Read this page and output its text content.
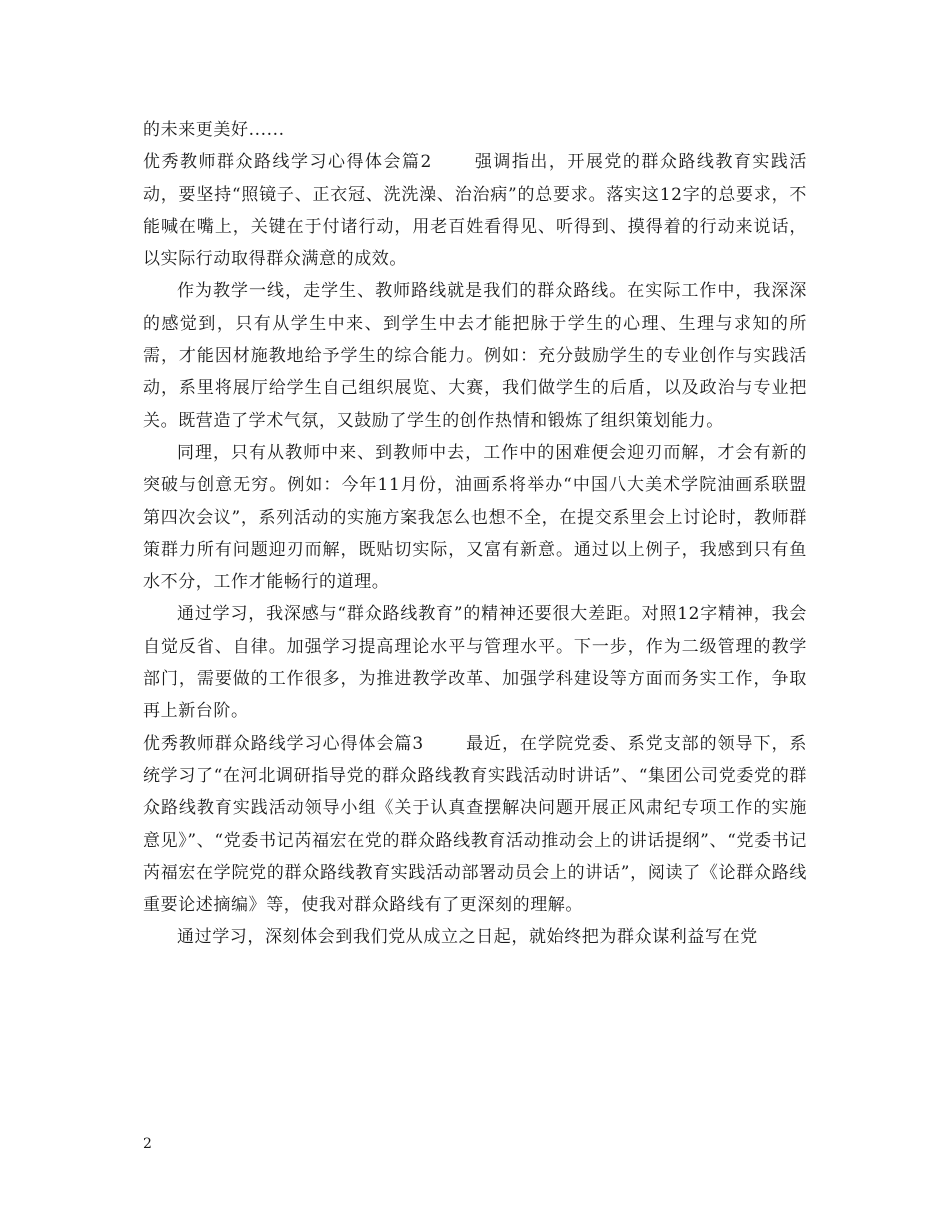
的未来更美好......

优秀教师群众路线学习心得体会篇2 强调指出，开展党的群众路线教育实践活动，要坚持“照镜子、正衣冠、洗洗澡、治治病”的总要求。落实这12字的总要求，不能喊在嘴上，关键在于付诸行动，用老百姓看得见、听得到、摸得着的行动来说话，以实际行动取得群众满意的成效。

作为教学一线，走学生、教师路线就是我们的群众路线。在实际工作中，我深深的感觉到，只有从学生中来、到学生中去才能把脉于学生的心理、生理与求知的所需，才能因材施教地给予学生的综合能力。例如：充分鼓励学生的专业创作与实践活动，系里将展厅给学生自己组织展览、大赛，我们做学生的后盾，以及政治与专业把关。既营造了学术气氛，又鼓励了学生的创作热情和锻炼了组织策划能力。

同理，只有从教师中来、到教师中去，工作中的困难便会迎刃而解，才会有新的突破与创意无穷。例如：今年11月份，油画系将举办“中国八大美术学院油画系联盟第四次会议”，系列活动的实施方案我怎么也想不全，在提交系里会上讨论时，教师群策群力所有问题迎刃而解，既贴切实际，又富有新意。通过以上例子，我感到只有鱼水不分，工作才能畅行的道理。

通过学习，我深感与“群众路线教育”的精神还要很大差距。对照12字精神，我会自觉反省、自律。加强学习提高理论水平与管理水平。下一步，作为二级管理的教学部门，需要做的工作很多，为推进教学改革、加强学科建设等方面而务实工作，争取再上新台阶。

优秀教师群众路线学习心得体会篇3 最近，在学院党委、系党支部的领导下，系统学习了“在河北调研指导党的群众路线教育实践活动时讲话”、“集团公司党委党的群众路线教育实践活动领导小组《关于认真查摆解决问题开展正风肃纪专项工作的实施意见》”、“党委书记芮福宏在党的群众路线教育活动推动会上的讲话提纲”、“党委书记芮福宏在学院党的群众路线教育实践活动部署动员会上的讲话”，阅读了《论群众路线重要论述摘编》等，使我对群众路线有了更深刻的理解。

通过学习，深刻体会到我们党从成立之日起，就始终把为群众谋利益写在党

2
